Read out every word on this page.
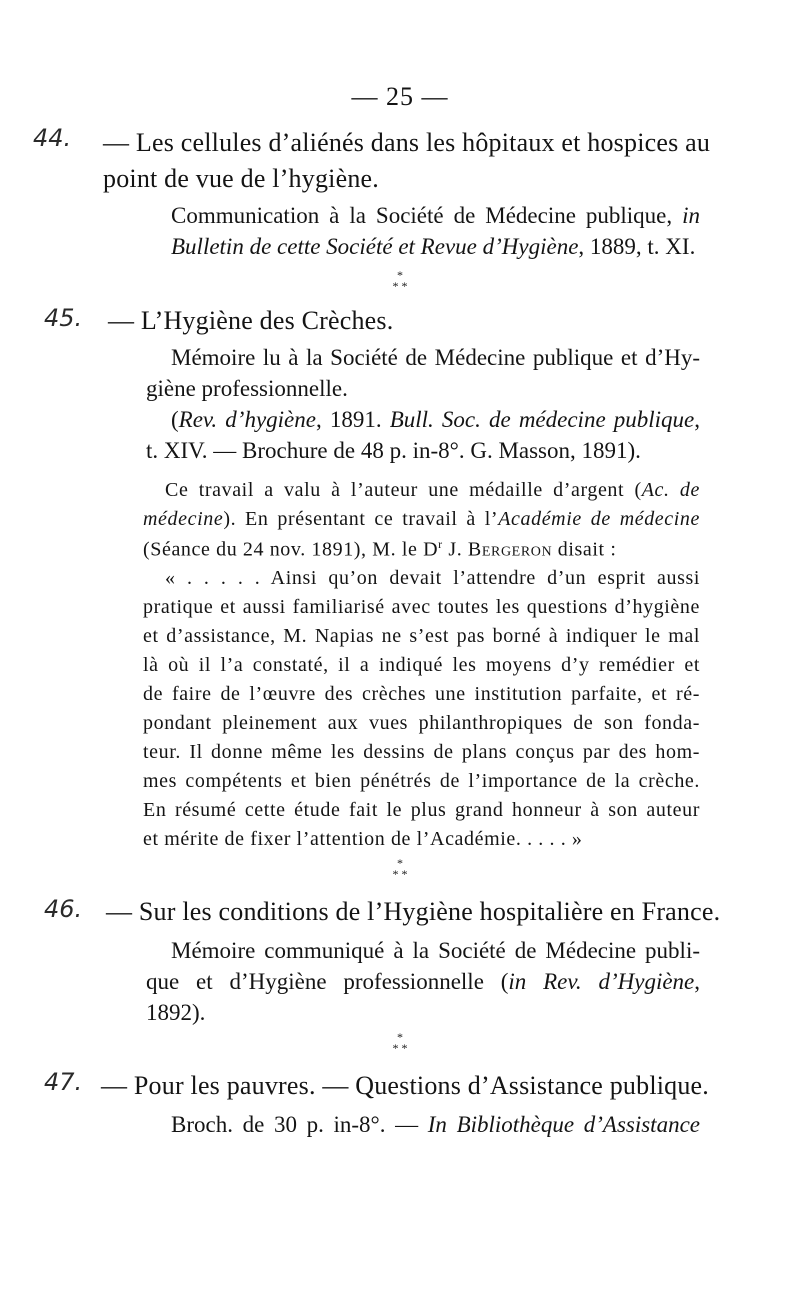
— 25 —
44. — Les cellules d’aliénés dans les hôpitaux et hospices au
point de vue de l’hygiène.
Communication à la Société de Médecine publique, in
Bulletin de cette Société et Revue d’Hygiène, 1889, t. XI.
*
* *
45. — L’Hygiène des Crèches.
Mémoire lu à la Société de Médecine publique et d’Hy-
giène professionnelle.
(Rev. d’hygiène, 1891. Bull. Soc. de médecine publique,
t. XIV. — Brochure de 48 p. in-8°. G. Masson, 1891).
Ce travail a valu à l’auteur une médaille d’argent (Ac. de
médecine). En présentant ce travail à l’Académie de médecine
(Séance du 24 nov. 1891), M. le $D^r$ J. Bergeron disait :
« . . . . . Ainsi qu’on devait l’attendre d’un esprit aussi
pratique et aussi familiarisé avec toutes les questions d’hygiène
et d’assistance, M. Napias ne s’est pas borné à indiquer le mal
là où il l’a constaté, il a indiqué les moyens d’y remédier et
de faire de l’œuvre des crèches une institution parfaite, et ré-
pondant pleinement aux vues philanthropiques de son fonda-
teur. Il donne même les dessins de plans conçus par des hom-
mes compétents et bien pénétrés de l’importance de la crèche.
En résumé cette étude fait le plus grand honneur à son auteur
et mérite de fixer l’attention de l’Académie. . . . . »
*
* *
46. — Sur les conditions de l’Hygiène hospitalière en France.
Mémoire communiqué à la Société de Médecine publi-
que et d’Hygiène professionnelle (in Rev. d’Hygiène,
1892).
*
* *
47. — Pour les pauvres. — Questions d’Assistance publique.
Broch. de 30 p. in-8°. — In Bibliothèque d’Assistance
